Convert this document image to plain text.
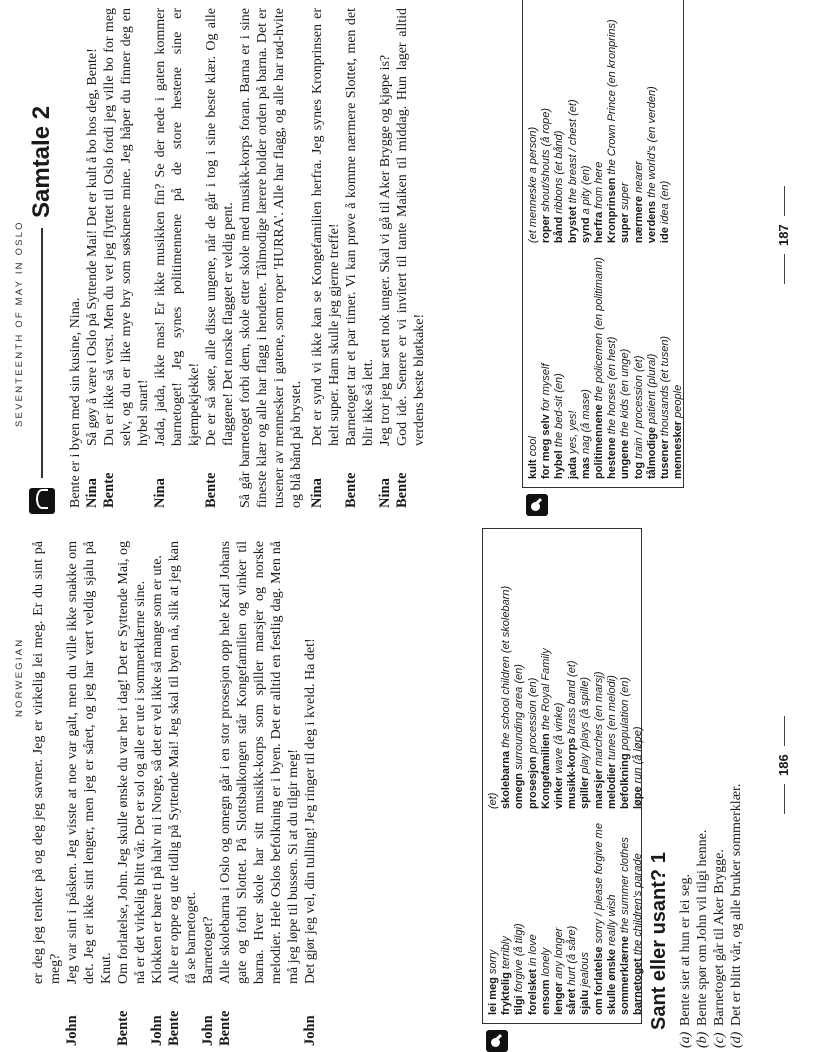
NORWEGIAN er deg jeg tenker på og deg jeg savner. Jeg er virkelig lei meg. Er du sint på meg?
John
Jeg var sint i påsken. Jeg visste at noe var galt, men du ville ikke snakke om det. Jeg er ikke sint lenger, men jeg er såret, og jeg har vært veldig sjalu på Knut.
Bente
Om forlatelse, John. Jeg skulle ønske du var her i dag! Det er Syttende Mai, og nå er det virkelig blitt vår. Det er sol og alle er ute i sommerklærne sine.
John
Klokken er bare ti på halv ni i Norge, så det er vel ikke så mange som er ute.
Bente
Alle er oppe og ute tidlig på Syttende Mai! Jeg skal til byen nå, slik at jeg kan få se barnetoget.
John
Barnetoget?
Bente
Alle skolebarna i Oslo og omegn går i en stor prosesjon opp hele Karl Johans gate og forbi Slottet. På Slottsbalkongen står Kongefamilien og vinker til barna. Hver skole har sitt musikk-korps som spiller marsjer og norske melodier. Hele Oslos befolkning er i byen. Det er alltid en festlig dag. Men nå må jeg løpe til bussen. Si at du tilgir meg!
John
Det gjør jeg vel, din tulling! Jeg ringer til deg i kveld. Ha det!
lei meg sorry
fryktelig terribly
tilgi forgive (å tilgi) forelsket in love
ensom lonely
lenger any longer
såret hurt (å såre)
sjalu jealous om forlatelse sorry / please forgive me
skulle ønske really wish
sommerklærne the summer clothes
barnetoget the children's parade
(et) skolebarna the school children (et skolebarn)
omegn surrounding area (en)
prosesjon procession (en)
Kongefamilien the Royal Family
vinker wave (å vinke) musikk-korps brass band (et)
spiller play /plays (å spille)
marsjer marches (en marsj)
melodier tunes (en melodi)
befolkning population (en)
løpe run (å løpe)
Sant eller usant? 1
(a)
Bente sier at hun er lei seg.
(b)
Bente spør om John vil tilgi henne.
(c)
Barnetoget går til Aker Brygge.
(d)
Det er blitt vår, og alle bruker sommerklær.
186
SEVENTEENTH OF MAY IN OSLO
Samtale 2
Bente er i byen med sin kusine, Nina. Nina
Så gøy å være i Oslo på Syttende Mai! Det er kult å bo hos deg, Bente!
Bente
Du er ikke så verst. Men du vet jeg flyttet til Oslo fordi jeg ville bo for meg selv, og du er like mye bry som søsknene mine. Jeg håper du finner deg en hybel snart!
Nina
Jada, jada, ikke mas! Er ikke musikken fin? Se der nede i gaten kommer barnetoget! Jeg synes politimennene på de store hestene sine er kjempekjekke!
Bente
De er så søte, alle disse ungene, når de går i tog i sine beste klær. Og alle flaggene! Det norske flagget er veldig pent. Så går barnetoget forbi dem, skole etter skole med musikk-korps foran. Barna er i sine fineste klær og alle har flagg i hendene. Tålmodige lærere holder orden på barna. Det er tusener av mennesker i gatene, som roper 'HURRA'. Alle har flagg, og alle har rød-hvite og blå bånd på brystet. Nina
Det er synd vi ikke kan se Kongefamilien herfra. Jeg synes Kronprinsen er helt super. Ham skulle jeg gjerne treffe!
Bente
Barnetoget tar et par timer. Vi kan prøve å komme nærmere Slottet, men det blir ikke så lett.
Nina
Jeg tror jeg har sett nok unger. Skal vi gå til Aker Brygge og kjøpe is?
Bente
God ide. Senere er vi invitert til tante Maiken til middag. Hun lager alltid verdens beste bløtkake!
kult cool for meg selv for myself
hybel the bed-sit (en)
jada yes, yes!
mas nag (å mase) politimennene the policemen (en politimann)
hestene the horses (en hest)
ungene the kids (en unge)
tog train / procession (et) tålmodige patient (plural)
tusener thousands (et tusen)
mennesker people
(et menneske a person) roper shout/shouts (å rope)
bånd ribbons (et bånd)
brystet the breast / chest (et)
synd a pity (en)
herfra from here Kronprinsen the Crown Prince (en kronprins)
super super nærmere nearer
verdens the world's (en verden)
ide idea (en)
187
